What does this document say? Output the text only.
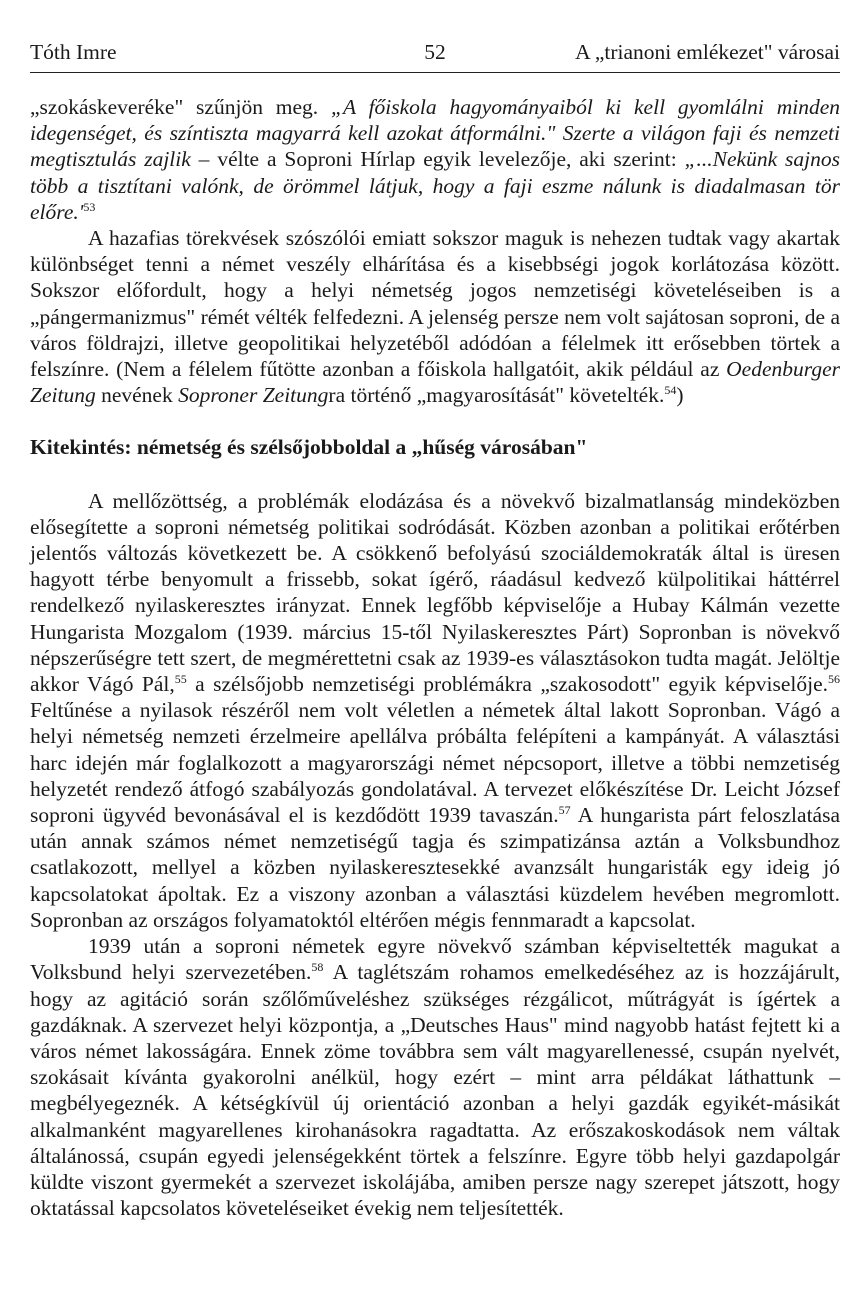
Tóth Imre	52	A „trianoni emlékezet" városai

„szokáskeveréke" szűnjön meg. „A főiskola hagyományaiból ki kell gyomlálni minden idegenséget, és színtiszta magyarrá kell azokat átformálni." Szerte a világon faji és nemzeti megtisztulás zajlik – vélte a Soproni Hírlap egyik levelezője, aki szerint: „...Nekünk sajnos több a tisztítani valónk, de örömmel látjuk, hogy a faji eszme nálunk is diadalmasan tör $előre.'^{53}$

A hazafias törekvések szószólói emiatt sokszor maguk is nehezen tudtak vagy akartak különbséget tenni a német veszély elhárítása és a kisebbségi jogok korlátozása között. Sokszor előfordult, hogy a helyi németség jogos nemzetiségi követeléseiben is a „pángermanizmus" rémét vélték felfedezni. A jelenség persze nem volt sajátosan soproni, de a város földrajzi, illetve geopolitikai helyzetéből adódóan a félelmek itt erősebben törtek a felszínre. (Nem a félelem fűtötte azonban a főiskola hallgatóit, akik például az Oedenburger Zeitung nevének Soproner Zeitungra történő „magyarosítását" követelték.$^{54}$)

Kitekintés: németség és szélsőjobboldal a „hűség városában"

A mellőzöttség, a problémák elodázása és a növekvő bizalmatlanság mindeközben elősegítette a soproni németség politikai sodródását. Közben azonban a politikai erőtérben jelentős változás következett be. A csökkenő befolyású szociáldemokraták által is üresen hagyott térbe benyomult a frissebb, sokat ígérő, ráadásul kedvező külpolitikai háttérrel rendelkező nyilaskeresztes irányzat. Ennek legfőbb képviselője a Hubay Kálmán vezette Hungarista Mozgalom (1939. március 15-től Nyilaskeresztes Párt) Sopronban is növekvő népszerűségre tett szert, de megmérettetni csak az 1939-es választásokon tudta magát. Jelöltje akkor Vágó Pál,$^{55}$ a szélsőjobb nemzetiségi problémákra „szakosodott" egyik képviselője.$^{56}$ Feltűnése a nyilasok részéről nem volt véletlen a németek által lakott Sopronban. Vágó a helyi németség nemzeti érzelmeire apellálva próbálta felépíteni a kampányát. A választási harc idején már foglalkozott a magyarországi német népcsoport, illetve a többi nemzetiség helyzetét rendező átfogó szabályozás gondolatával. A tervezet előkészítése Dr. Leicht József soproni ügyvéd bevonásával el is kezdődött 1939 tavaszán.$^{57}$ A hungarista párt feloszlatása után annak számos német nemzetiségű tagja és szimpatizánsa aztán a Volksbundhoz csatlakozott, mellyel a közben nyilaskeresztesekké avanzsált hungaristák egy ideig jó kapcsolatokat ápoltak. Ez a viszony azonban a választási küzdelem hevében megromlott. Sopronban az országos folyamatoktól eltérően mégis fennmaradt a kapcsolat.

1939 után a soproni németek egyre növekvő számban képviseltették magukat a Volksbund helyi szervezetében.$^{58}$ A taglétszám rohamos emelkedéséhez az is hozzájárult, hogy az agitáció során szőlőműveléshez szükséges rézgálicot, műtrágyát is ígértek a gazdáknak. A szervezet helyi központja, a „Deutsches Haus" mind nagyobb hatást fejtett ki a város német lakosságára. Ennek zöme továbbra sem vált magyarellenessé, csupán nyelvét, szokásait kívánta gyakorolni anélkül, hogy ezért – mint arra példákat láthattunk – megbélyegeznék. A kétségkívül új orientáció azonban a helyi gazdák egyikét-másikát alkalmanként magyarellenes kirohanásokra ragadtatta. Az erőszakoskodások nem váltak általánossá, csupán egyedi jelenségekként törtek a felszínre. Egyre több helyi gazdapolgár küldte viszont gyermekét a szervezet iskolájába, amiben persze nagy szerepet játszott, hogy oktatással kapcsolatos követeléseiket évekig nem teljesítették.
